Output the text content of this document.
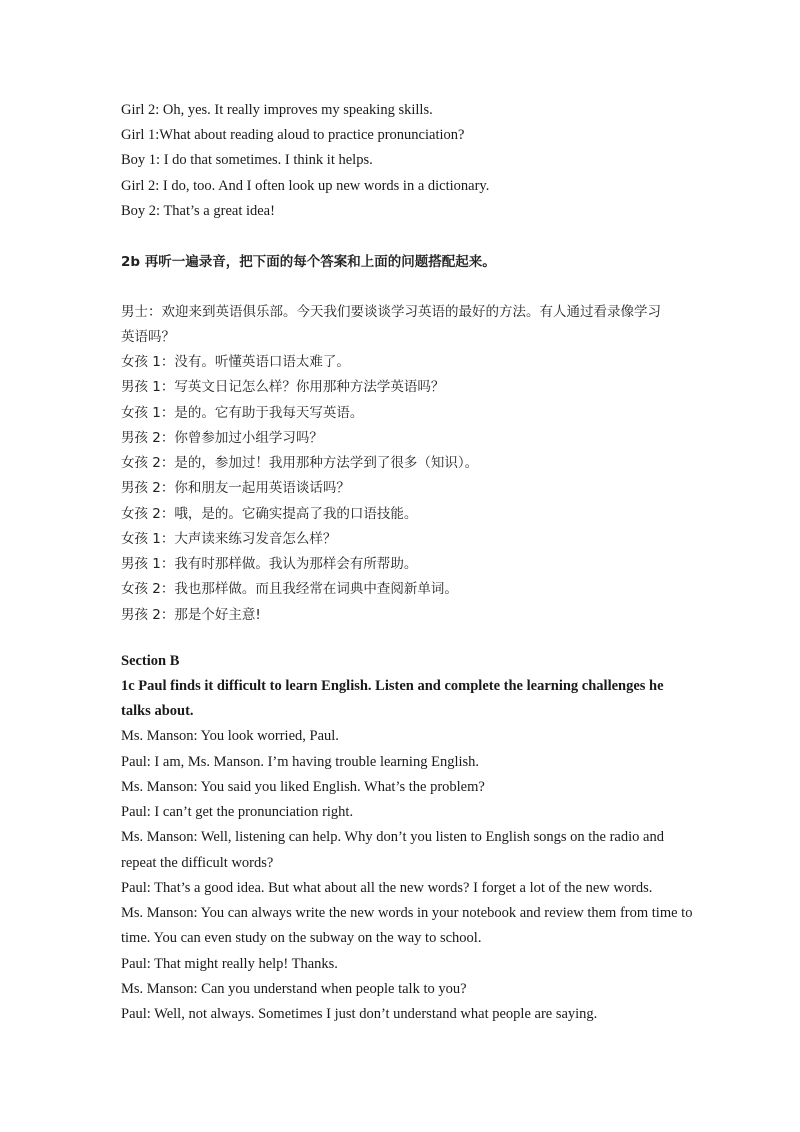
Girl 2: Oh, yes. It really improves my speaking skills.
Girl 1:What about reading aloud to practice pronunciation?
Boy 1: I do that sometimes. I think it helps.
Girl 2: I do, too. And I often look up new words in a dictionary.
Boy 2: That’s a great idea!
2b 再听一遍录音，把下面的每个答案和上面的问题搭配起来。
男士：欢迎来到英语俱乐部。今天我们要谈谈学习英语的最好的方法。有人通过看录像学习
英语吗？
女孩 1：没有。听懂英语口语太难了。
男孩 1：写英文日记怎么样？你用那种方法学英语吗？
女孩 1：是的。它有助于我每天写英语。
男孩 2：你曾参加过小组学习吗？
女孩 2：是的，参加过！我用那种方法学到了很多（知识）。
男孩 2：你和朋友一起用英语谈话吗？
女孩 2：哦，是的。它确实提高了我的口语技能。
女孩 1：大声读来练习发音怎么样？
男孩 1：我有时那样做。我认为那样会有所帮助。
女孩 2：我也那样做。而且我经常在词典中查阅新单词。
男孩 2：那是个好主意!
Section B
1c Paul finds it difficult to learn English. Listen and complete the learning challenges he
talks about.
Ms. Manson: You look worried, Paul.
Paul: I am, Ms. Manson. I’m having trouble learning English.
Ms. Manson: You said you liked English. What’s the problem?
Paul: I can’t get the pronunciation right.
Ms. Manson: Well, listening can help. Why don’t you listen to English songs on the radio and
repeat the difficult words?
Paul: That’s a good idea. But what about all the new words? I forget a lot of the new words.
Ms. Manson: You can always write the new words in your notebook and review them from time to
time. You can even study on the subway on the way to school.
Paul: That might really help! Thanks.
Ms. Manson: Can you understand when people talk to you?
Paul: Well, not always. Sometimes I just don’t understand what people are saying.
